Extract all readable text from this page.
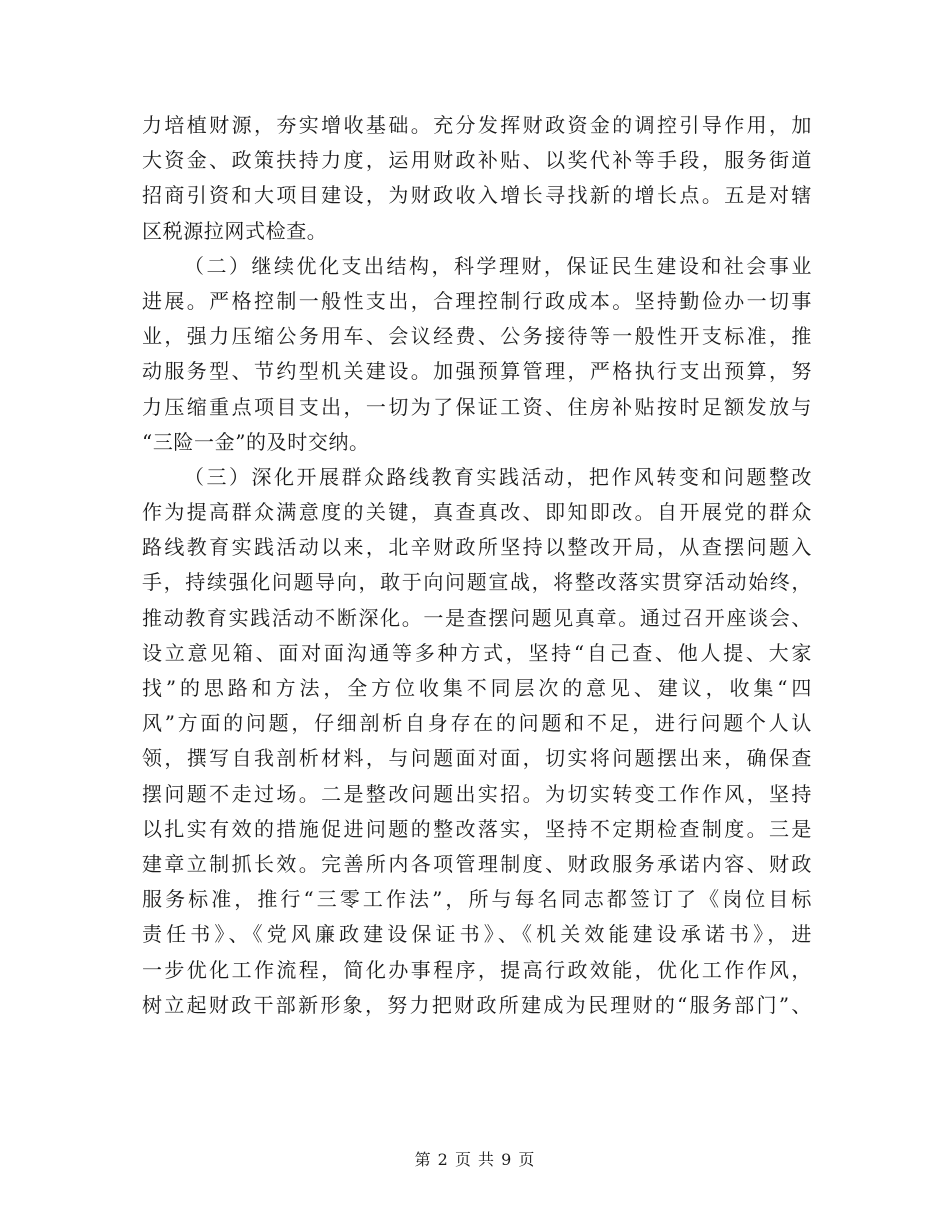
力培植财源，夯实增收基础。充分发挥财政资金的调控引导作用，加
大资金、政策扶持力度，运用财政补贴、以奖代补等手段，服务街道
招商引资和大项目建设，为财政收入增长寻找新的增长点。五是对辖
区税源拉网式检查。
（二）继续优化支出结构，科学理财，保证民生建设和社会事业
进展。严格控制一般性支出，合理控制行政成本。坚持勤俭办一切事
业，强力压缩公务用车、会议经费、公务接待等一般性开支标准，推
动服务型、节约型机关建设。加强预算管理，严格执行支出预算，努
力压缩重点项目支出，一切为了保证工资、住房补贴按时足额发放与
“三险一金”的及时交纳。
（三）深化开展群众路线教育实践活动，把作风转变和问题整改
作为提高群众满意度的关键，真查真改、即知即改。自开展党的群众
路线教育实践活动以来，北辛财政所坚持以整改开局，从查摆问题入
手，持续强化问题导向，敢于向问题宣战，将整改落实贯穿活动始终，
推动教育实践活动不断深化。一是查摆问题见真章。通过召开座谈会、
设立意见箱、面对面沟通等多种方式，坚持“自己查、他人提、大家
找”的思路和方法，全方位收集不同层次的意见、建议，收集“四
风”方面的问题，仔细剖析自身存在的问题和不足，进行问题个人认
领，撰写自我剖析材料，与问题面对面，切实将问题摆出来，确保查
摆问题不走过场。二是整改问题出实招。为切实转变工作作风，坚持
以扎实有效的措施促进问题的整改落实，坚持不定期检查制度。三是
建章立制抓长效。完善所内各项管理制度、财政服务承诺内容、财政
服务标准，推行“三零工作法”，所与每名同志都签订了《岗位目标
责任书》、《党风廉政建设保证书》、《机关效能建设承诺书》，进
一步优化工作流程，简化办事程序，提高行政效能，优化工作作风，
树立起财政干部新形象，努力把财政所建成为民理财的“服务部门”、
第 2 页 共 9 页
